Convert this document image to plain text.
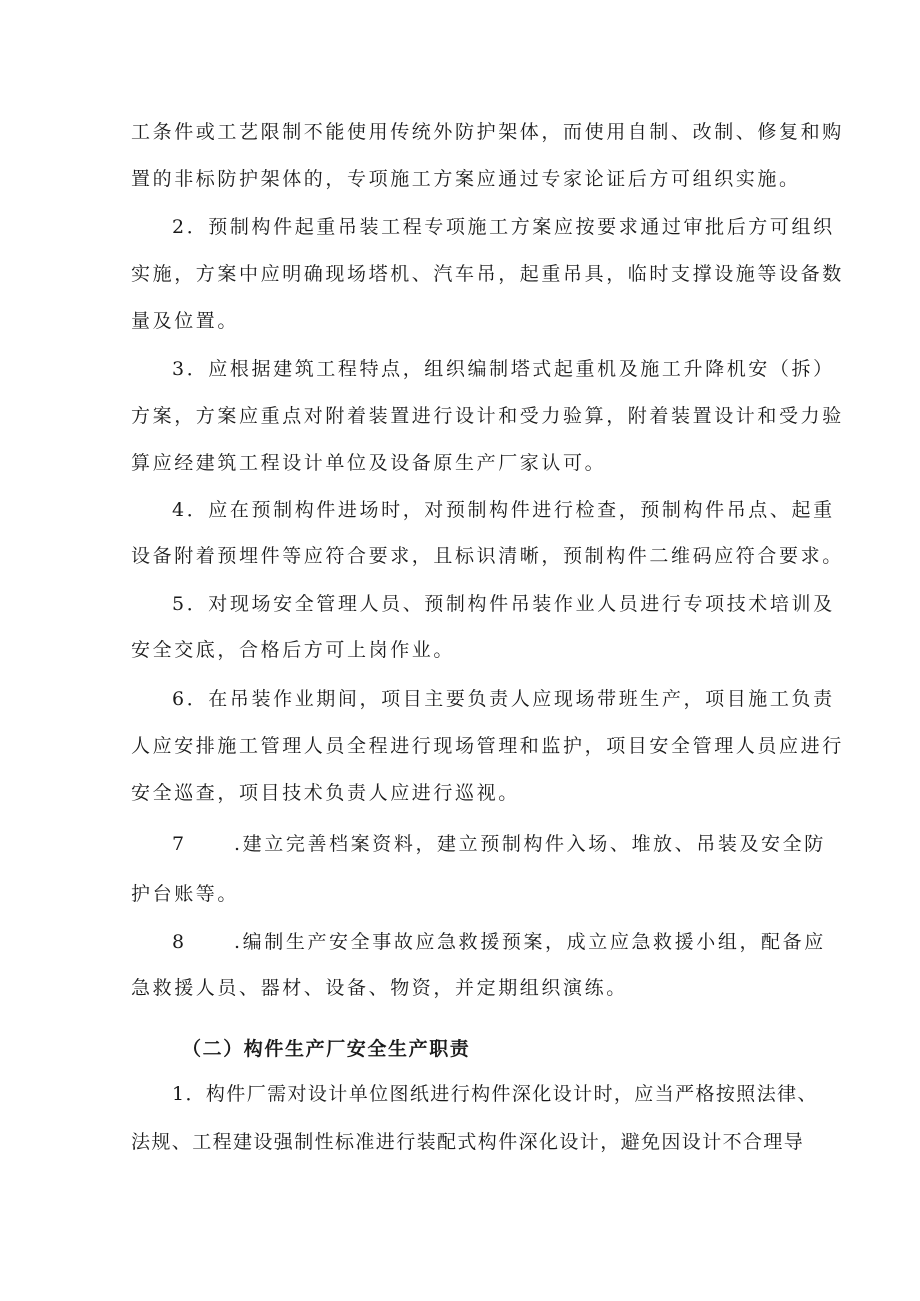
工条件或工艺限制不能使用传统外防护架体，而使用自制、改制、修复和购
置的非标防护架体的，专项施工方案应通过专家论证后方可组织实施。
2．预制构件起重吊装工程专项施工方案应按要求通过审批后方可组织
实施，方案中应明确现场塔机、汽车吊，起重吊具，临时支撑设施等设备数
量及位置。
3．应根据建筑工程特点，组织编制塔式起重机及施工升降机安（拆）
方案，方案应重点对附着装置进行设计和受力验算，附着装置设计和受力验
算应经建筑工程设计单位及设备原生产厂家认可。
4．应在预制构件进场时，对预制构件进行检查，预制构件吊点、起重
设备附着预埋件等应符合要求，且标识清晰，预制构件二维码应符合要求。
5．对现场安全管理人员、预制构件吊装作业人员进行专项技术培训及
安全交底，合格后方可上岗作业。
6．在吊装作业期间，项目主要负责人应现场带班生产，项目施工负责
人应安排施工管理人员全程进行现场管理和监护，项目安全管理人员应进行
安全巡查，项目技术负责人应进行巡视。
7 .建立完善档案资料，建立预制构件入场、堆放、吊装及安全防
护台账等。
8 .编制生产安全事故应急救援预案，成立应急救援小组，配备应
急救援人员、器材、设备、物资，并定期组织演练。
（二）构件生产厂安全生产职责
1．构件厂需对设计单位图纸进行构件深化设计时，应当严格按照法律、
法规、工程建设强制性标准进行装配式构件深化设计，避免因设计不合理导
